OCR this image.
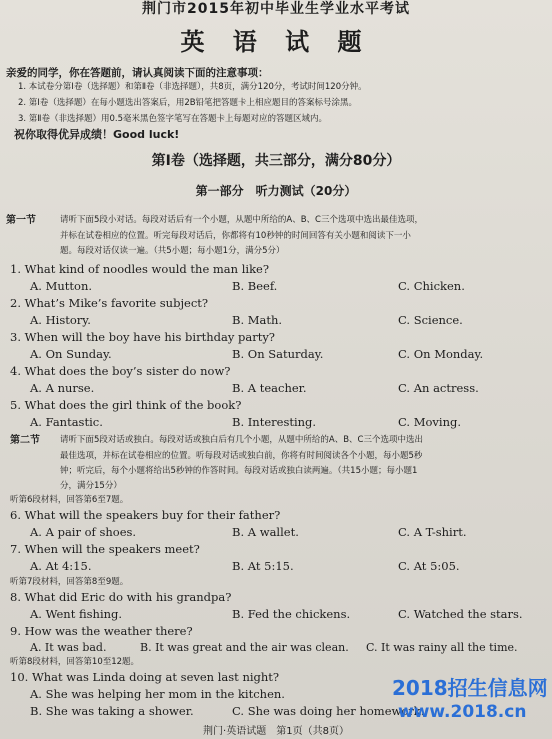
荆门市2015年初中毕业生学业水平考试
英 语 试 题
亲爱的同学，你在答题前，请认真阅读下面的注意事项：
1. 本试卷分第Ⅰ卷（选择题）和第Ⅱ卷（非选择题），共8页，满分120分，考试时间120分钟。
2. 第Ⅰ卷（选择题）在每小题选出答案后，用2B铅笔把答题卡上相应题目的答案标号涂黑。
3. 第Ⅱ卷（非选择题）用0.5毫米黑色签字笔写在答题卡上每题对应的答题区域内。
祝你取得优异成绩！Good luck!
第Ⅰ卷（选择题，共三部分，满分80分）
第一部分　听力测试（20分）
第一节	请听下面5段小对话。每段对话后有一个小题，从题中所给的A、B、C三个选项中选出最佳选项，
并标在试卷相应的位置。听完每段对话后，你都将有10秒钟的时间回答有关小题和阅读下一小
题。每段对话仅读一遍。（共5小题；每小题1分，满分5分）
1. What kind of noodles would the man like?
A. Mutton.	B. Beef.	C. Chicken.
2. What’s Mike’s favorite subject?
A. History.	B. Math.	C. Science.
3. When will the boy have his birthday party?
A. On Sunday.	B. On Saturday.	C. On Monday.
4. What does the boy’s sister do now?
A. A nurse.	B. A teacher.	C. An actress.
5. What does the girl think of the book?
A. Fantastic.	B. Interesting.	C. Moving.
第二节 请听下面5段对话或独白。每段对话或独白后有几个小题，从题中所给的A、B、C三个选项中选出
最佳选项，并标在试卷相应的位置。听每段对话或独白前，你将有时间阅读各个小题，每小题5秒
钟；听完后，每个小题将给出5秒钟的作答时间。每段对话或独白读两遍。（共15小题；每小题1
分，满分15分）
听第6段材料，回答第6至7题。
6. What will the speakers buy for their father?
A. A pair of shoes.	B. A wallet.	C. A T-shirt.
7. When will the speakers meet?
A. At 4:15.	B. At 5:15.	C. At 5:05.
听第7段材料，回答第8至9题。
8. What did Eric do with his grandpa?
A. Went fishing.	B. Fed the chickens.	C. Watched the stars.
9. How was the weather there?
A. It was bad.	B. It was great and the air was clean. C. It was rainy all the time.
听第8段材料，回答第10至12题。
10. What was Linda doing at seven last night?
A. She was helping her mom in the kitchen.
B. She was taking a shower.	C. She was doing her homework.
荆门·英语试题　第1页（共8页）
2018招生信息网
www.2018.cn
